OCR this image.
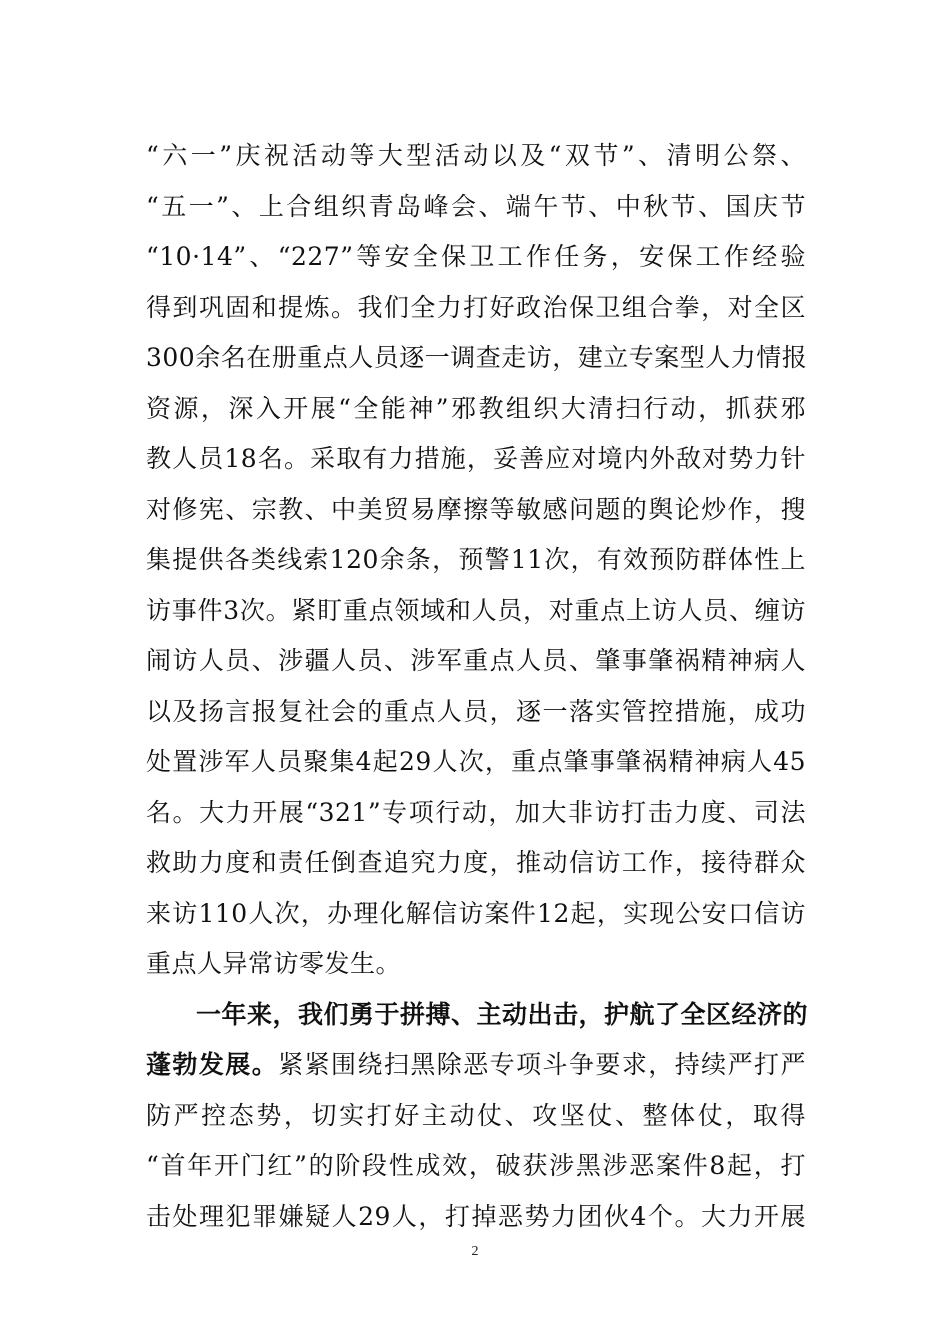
“六一”庆祝活动等大型活动以及“双节”、清明公祭、
“五一”、上合组织青岛峰会、端午节、中秋节、国庆节
“10·14”、“227”等安全保卫工作任务，安保工作经验
得到巩固和提炼。我们全力打好政治保卫组合拳，对全区
300余名在册重点人员逐一调查走访，建立专案型人力情报
资源，深入开展“全能神”邪教组织大清扫行动，抓获邪
教人员18名。采取有力措施，妥善应对境内外敌对势力针
对修宪、宗教、中美贸易摩擦等敏感问题的舆论炒作，搜
集提供各类线索120余条，预警11次，有效预防群体性上
访事件3次。紧盯重点领域和人员，对重点上访人员、缠访
闹访人员、涉疆人员、涉军重点人员、肇事肇祸精神病人
以及扬言报复社会的重点人员，逐一落实管控措施，成功
处置涉军人员聚集4起29人次，重点肇事肇祸精神病人45
名。大力开展“321”专项行动，加大非访打击力度、司法
救助力度和责任倒查追究力度，推动信访工作，接待群众
来访110人次，办理化解信访案件12起，实现公安口信访
重点人异常访零发生。
一年来，我们勇于拼搏、主动出击，护航了全区经济的
蓬勃发展。紧紧围绕扫黑除恶专项斗争要求，持续严打严
防严控态势，切实打好主动仗、攻坚仗、整体仗，取得
“首年开门红”的阶段性成效，破获涉黑涉恶案件8起，打
击处理犯罪嫌疑人29人，打掉恶势力团伙4个。大力开展
2
